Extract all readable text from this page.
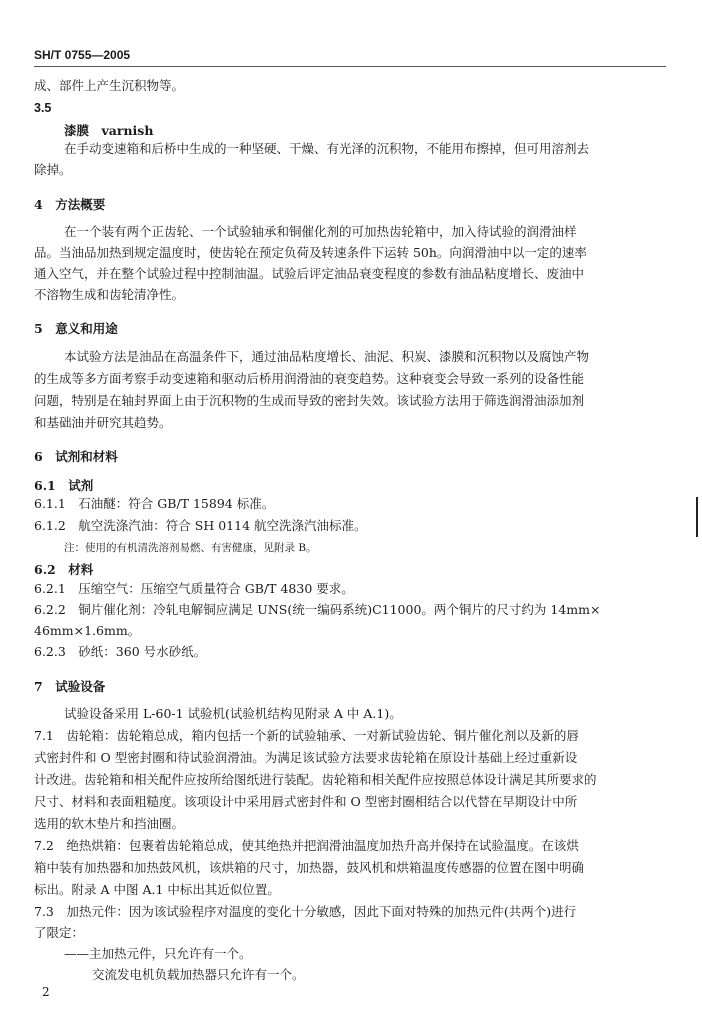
SH/T 0755—2005
成、部件上产生沉积物等。
3.5
漆膜　varnish
在手动变速箱和后桥中生成的一种坚硬、干燥、有光泽的沉积物，不能用布擦掉，但可用溶剂去
除掉。
4　方法概要
在一个装有两个正齿轮、一个试验轴承和铜催化剂的可加热齿轮箱中，加入待试验的润滑油样
品。当油品加热到规定温度时，使齿轮在预定负荷及转速条件下运转 50h。向润滑油中以一定的速率
通入空气，并在整个试验过程中控制油温。试验后评定油品衰变程度的参数有油品粘度增长、废油中
不溶物生成和齿轮清净性。
5　意义和用途
本试验方法是油品在高温条件下，通过油品粘度增长、油泥、积炭、漆膜和沉积物以及腐蚀产物
的生成等多方面考察手动变速箱和驱动后桥用润滑油的衰变趋势。这种衰变会导致一系列的设备性能
问题，特别是在轴封界面上由于沉积物的生成而导致的密封失效。该试验方法用于筛选润滑油添加剂
和基础油并研究其趋势。
6　试剂和材料
6.1　试剂
6.1.1　石油醚：符合 GB/T 15894 标准。
6.1.2　航空洗涤汽油：符合 SH 0114 航空洗涤汽油标准。
注：使用的有机清洗溶剂易燃、有害健康，见附录 B。
6.2　材料
6.2.1　压缩空气：压缩空气质量符合 GB/T 4830 要求。
6.2.2　铜片催化剂：冷轧电解铜应满足 UNS(统一编码系统)C11000。两个铜片的尺寸约为 14mm×
46mm×1.6mm。
6.2.3　砂纸：360 号水砂纸。
7　试验设备
试验设备采用 L-60-1 试验机(试验机结构见附录 A 中 A.1)。
7.1　齿轮箱：齿轮箱总成，箱内包括一个新的试验轴承、一对新试验齿轮、铜片催化剂以及新的唇
式密封件和 O 型密封圈和待试验润滑油。为满足该试验方法要求齿轮箱在原设计基础上经过重新设
计改进。齿轮箱和相关配件应按所给图纸进行装配。齿轮箱和相关配件应按照总体设计满足其所要求的
尺寸、材料和表面粗糙度。该项设计中采用唇式密封件和 O 型密封圈相结合以代替在早期设计中所
选用的软木垫片和挡油圈。
7.2　绝热烘箱：包裹着齿轮箱总成，使其绝热并把润滑油温度加热升高并保持在试验温度。在该烘
箱中装有加热器和加热鼓风机，该烘箱的尺寸，加热器，鼓风机和烘箱温度传感器的位置在图中明确
标出。附录 A 中图 A.1 中标出其近似位置。
7.3　加热元件：因为该试验程序对温度的变化十分敏感，因此下面对特殊的加热元件(共两个)进行
了限定：
——主加热元件，只允许有一个。
交流发电机负载加热器只允许有一个。
2
